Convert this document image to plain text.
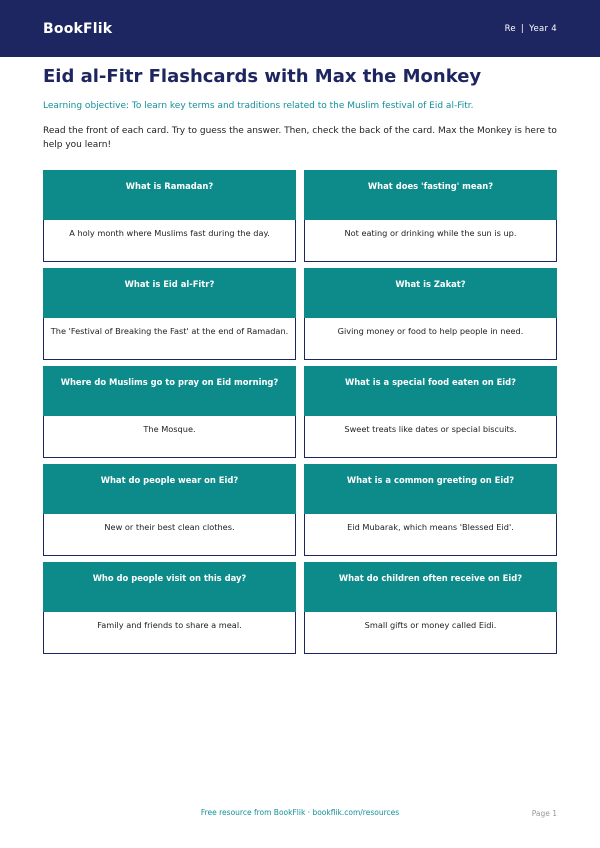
BookFlik	Re | Year 4
Eid al-Fitr Flashcards with Max the Monkey
Learning objective: To learn key terms and traditions related to the Muslim festival of Eid al-Fitr.
Read the front of each card. Try to guess the answer. Then, check the back of the card. Max the Monkey is here to help you learn!
What is Ramadan?
A holy month where Muslims fast during the day.
What does 'fasting' mean?
Not eating or drinking while the sun is up.
What is Eid al-Fitr?
The 'Festival of Breaking the Fast' at the end of Ramadan.
What is Zakat?
Giving money or food to help people in need.
Where do Muslims go to pray on Eid morning?
The Mosque.
What is a special food eaten on Eid?
Sweet treats like dates or special biscuits.
What do people wear on Eid?
New or their best clean clothes.
What is a common greeting on Eid?
Eid Mubarak, which means 'Blessed Eid'.
Who do people visit on this day?
Family and friends to share a meal.
What do children often receive on Eid?
Small gifts or money called Eidi.
Free resource from BookFlik · bookflik.com/resources	Page 1
